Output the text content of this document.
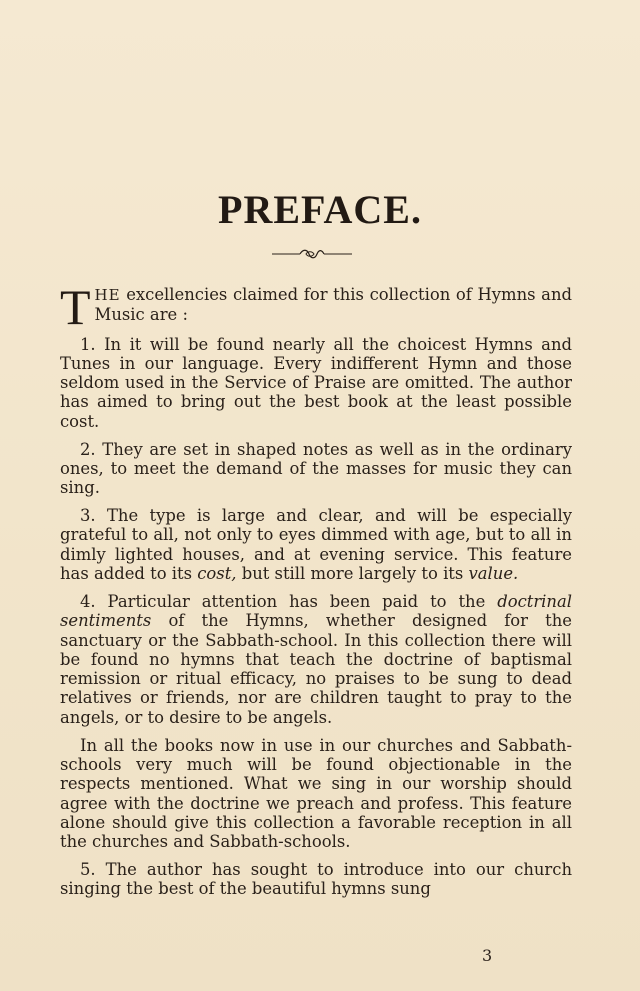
PREFACE.

THE excellencies claimed for this collection of Hymns and Music are :

1. In it will be found nearly all the choicest Hymns and Tunes in our language. Every indifferent Hymn and those seldom used in the Service of Praise are omitted. The author has aimed to bring out the best book at the least possible cost.

2. They are set in shaped notes as well as in the ordinary ones, to meet the demand of the masses for music they can sing.

3. The type is large and clear, and will be especially grateful to all, not only to eyes dimmed with age, but to all in dimly lighted houses, and at evening service. This feature has added to its cost, but still more largely to its value.

4. Particular attention has been paid to the doctrinal sentiments of the Hymns, whether designed for the sanctuary or the Sabbath-school. In this collection there will be found no hymns that teach the doctrine of baptismal remission or ritual efficacy, no praises to be sung to dead relatives or friends, nor are children taught to pray to the angels, or to desire to be angels.

In all the books now in use in our churches and Sabbath-schools very much will be found objectionable in the respects mentioned. What we sing in our worship should agree with the doctrine we preach and profess. This feature alone should give this collection a favorable reception in all the churches and Sabbath-schools.

5. The author has sought to introduce into our church singing the best of the beautiful hymns sung

3
